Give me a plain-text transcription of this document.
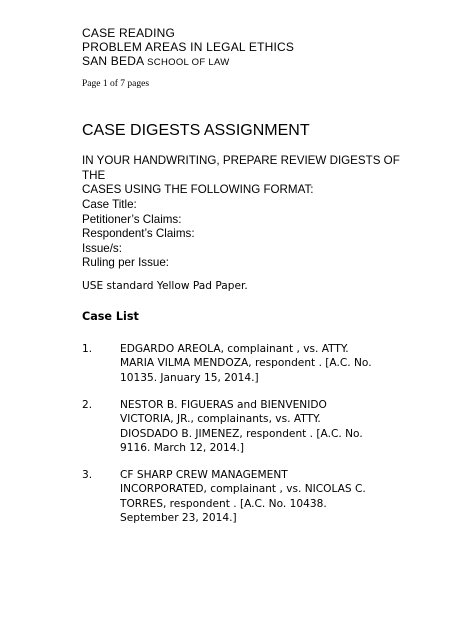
CASE READING
PROBLEM AREAS IN LEGAL ETHICS
SAN BEDA SCHOOL OF LAW
Page 1 of 7 pages
CASE DIGESTS ASSIGNMENT
IN YOUR HANDWRITING, PREPARE REVIEW DIGESTS OF THE
CASES USING THE FOLLOWING FORMAT:
Case Title:
Petitioner’s Claims:
Respondent’s Claims:
Issue/s:
Ruling per Issue:
USE standard Yellow Pad Paper.
Case List
1.	EDGARDO AREOLA, complainant , vs. ATTY.
MARIA VILMA MENDOZA, respondent . [A.C. No.
10135. January 15, 2014.]
2.	NESTOR B. FIGUERAS and BIENVENIDO
VICTORIA, JR., complainants, vs. ATTY.
DIOSDADO B. JIMENEZ, respondent . [A.C. No.
9116. March 12, 2014.]
3.	CF SHARP CREW MANAGEMENT
INCORPORATED, complainant , vs. NICOLAS C.
TORRES, respondent . [A.C. No. 10438.
September 23, 2014.]
